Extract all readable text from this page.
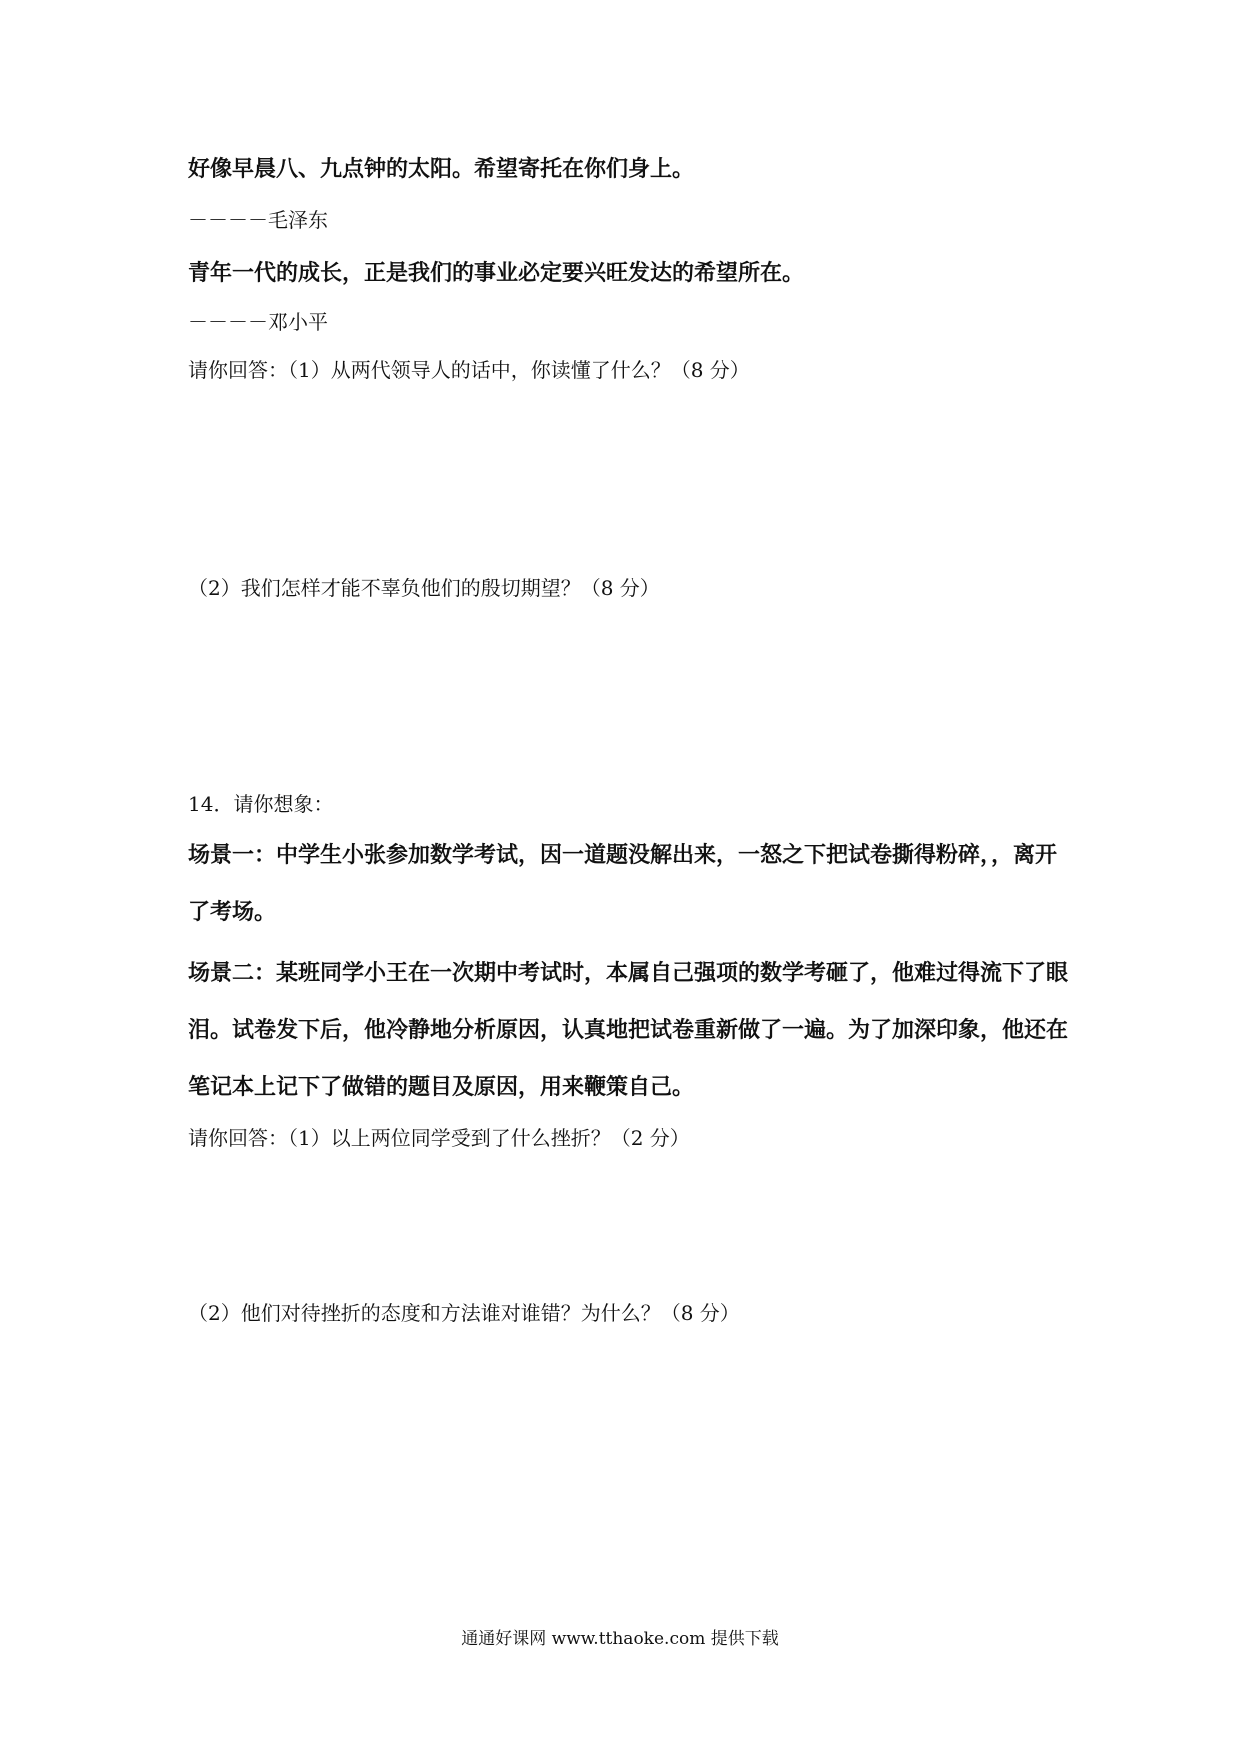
好像早晨八、九点钟的太阳。希望寄托在你们身上。
－－－－毛泽东
青年一代的成长，正是我们的事业必定要兴旺发达的希望所在。
－－－－邓小平
请你回答：（1）从两代领导人的话中，你读懂了什么？（8 分）
（2）我们怎样才能不辜负他们的殷切期望？（8 分）
14．请你想象：
场景一：中学生小张参加数学考试，因一道题没解出来，一怒之下把试卷撕得粉碎，，离开
了考场。
场景二：某班同学小王在一次期中考试时，本属自己强项的数学考砸了，他难过得流下了眼
泪。试卷发下后，他冷静地分析原因，认真地把试卷重新做了一遍。为了加深印象，他还在
笔记本上记下了做错的题目及原因，用来鞭策自己。
请你回答：（1）以上两位同学受到了什么挫折？（2 分）
（2）他们对待挫折的态度和方法谁对谁错？为什么？（8 分）
通通好课网 www.tthaoke.com 提供下载
